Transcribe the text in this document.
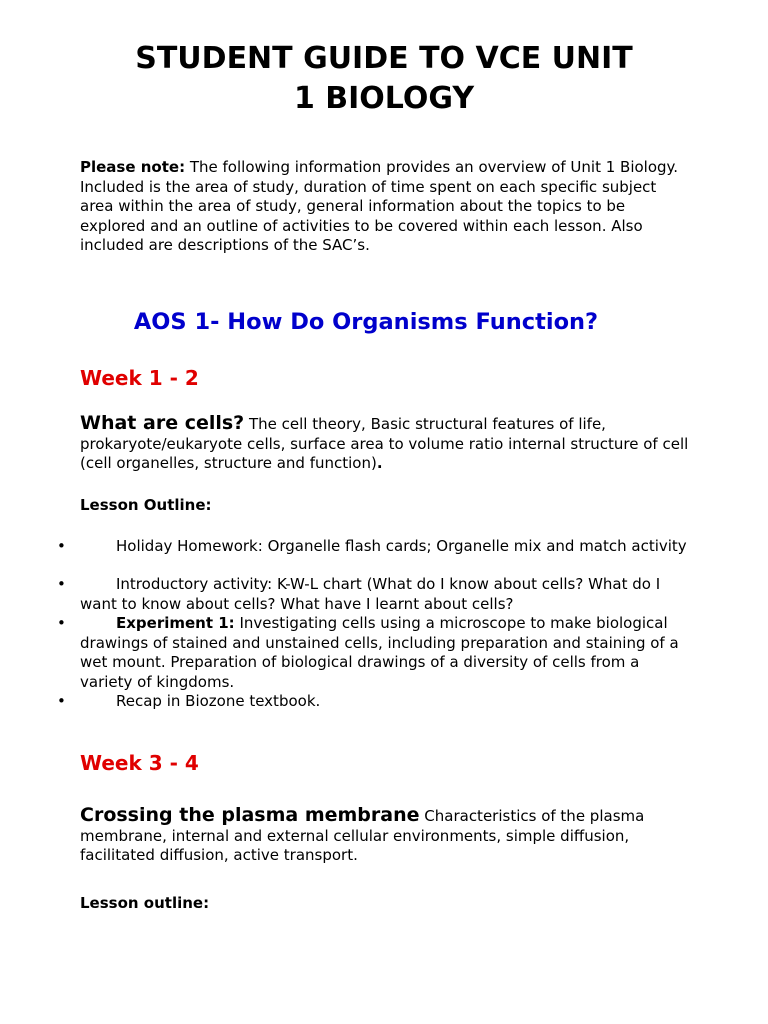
STUDENT GUIDE TO VCE UNIT
1 BIOLOGY
Please note: The following information provides an overview of Unit 1 Biology. Included is the area of study, duration of time spent on each specific subject area within the area of study, general information about the topics to be explored and an outline of activities to be covered within each lesson. Also included are descriptions of the SAC’s.
AOS 1- How Do Organisms Function?
Week 1 - 2
What are cells? The cell theory, Basic structural features of life, prokaryote/eukaryote cells, surface area to volume ratio internal structure of cell (cell organelles, structure and function).
Lesson Outline:
•	Holiday Homework: Organelle flash cards; Organelle mix and match activity
•	Introductory activity: K-W-L chart (What do I know about cells? What do I want to know about cells? What have I learnt about cells?
•	Experiment 1: Investigating cells using a microscope to make biological drawings of stained and unstained cells, including preparation and staining of a wet mount. Preparation of biological drawings of a diversity of cells from a variety of kingdoms.
•	Recap in Biozone textbook.
Week 3 - 4
Crossing the plasma membrane Characteristics of the plasma membrane, internal and external cellular environments, simple diffusion, facilitated diffusion, active transport.
Lesson outline:
